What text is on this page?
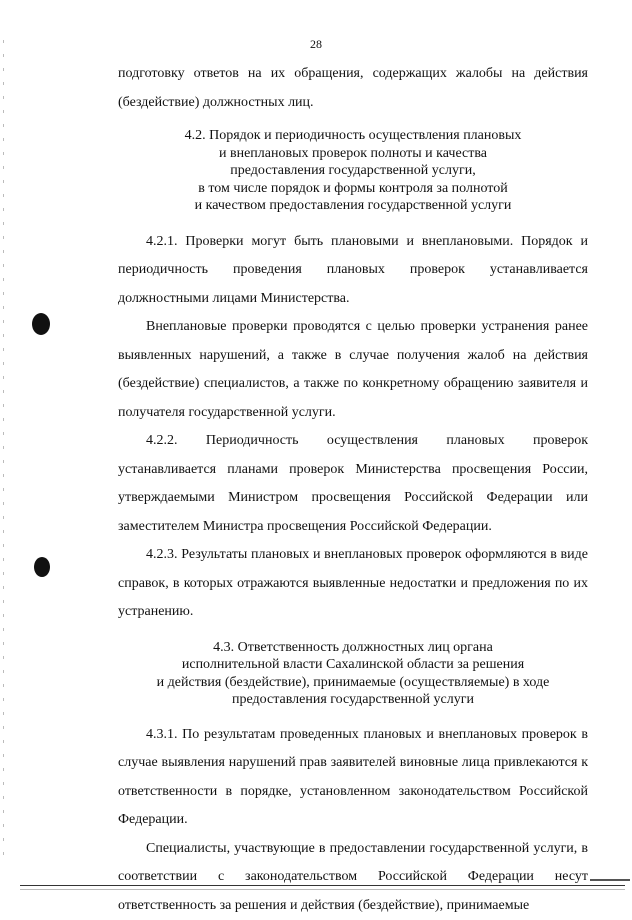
28

подготовку ответов на их обращения, содержащих жалобы на действия (бездействие) должностных лиц.

4.2. Порядок и периодичность осуществления плановых
и внеплановых проверок полноты и качества
предоставления государственной услуги,
в том числе порядок и формы контроля за полнотой
и качеством предоставления государственной услуги

4.2.1. Проверки могут быть плановыми и внеплановыми. Порядок и периодичность проведения плановых проверок устанавливается должностными лицами Министерства.

Внеплановые проверки проводятся с целью проверки устранения ранее выявленных нарушений, а также в случае получения жалоб на действия (бездействие) специалистов, а также по конкретному обращению заявителя и получателя государственной услуги.

4.2.2. Периодичность осуществления плановых проверок устанавливается планами проверок Министерства просвещения России, утверждаемыми Министром просвещения Российской Федерации или заместителем Министра просвещения Российской Федерации.

4.2.3. Результаты плановых и внеплановых проверок оформляются в виде справок, в которых отражаются выявленные недостатки и предложения по их устранению.

4.3. Ответственность должностных лиц органа
исполнительной власти Сахалинской области за решения
и действия (бездействие), принимаемые (осуществляемые) в ходе
предоставления государственной услуги

4.3.1. По результатам проведенных плановых и внеплановых проверок в случае выявления нарушений прав заявителей виновные лица привлекаются к ответственности в порядке, установленном законодательством Российской Федерации.

Специалисты, участвующие в предоставлении государственной услуги, в соответствии с законодательством Российской Федерации несут ответственность за решения и действия (бездействие), принимаемые
